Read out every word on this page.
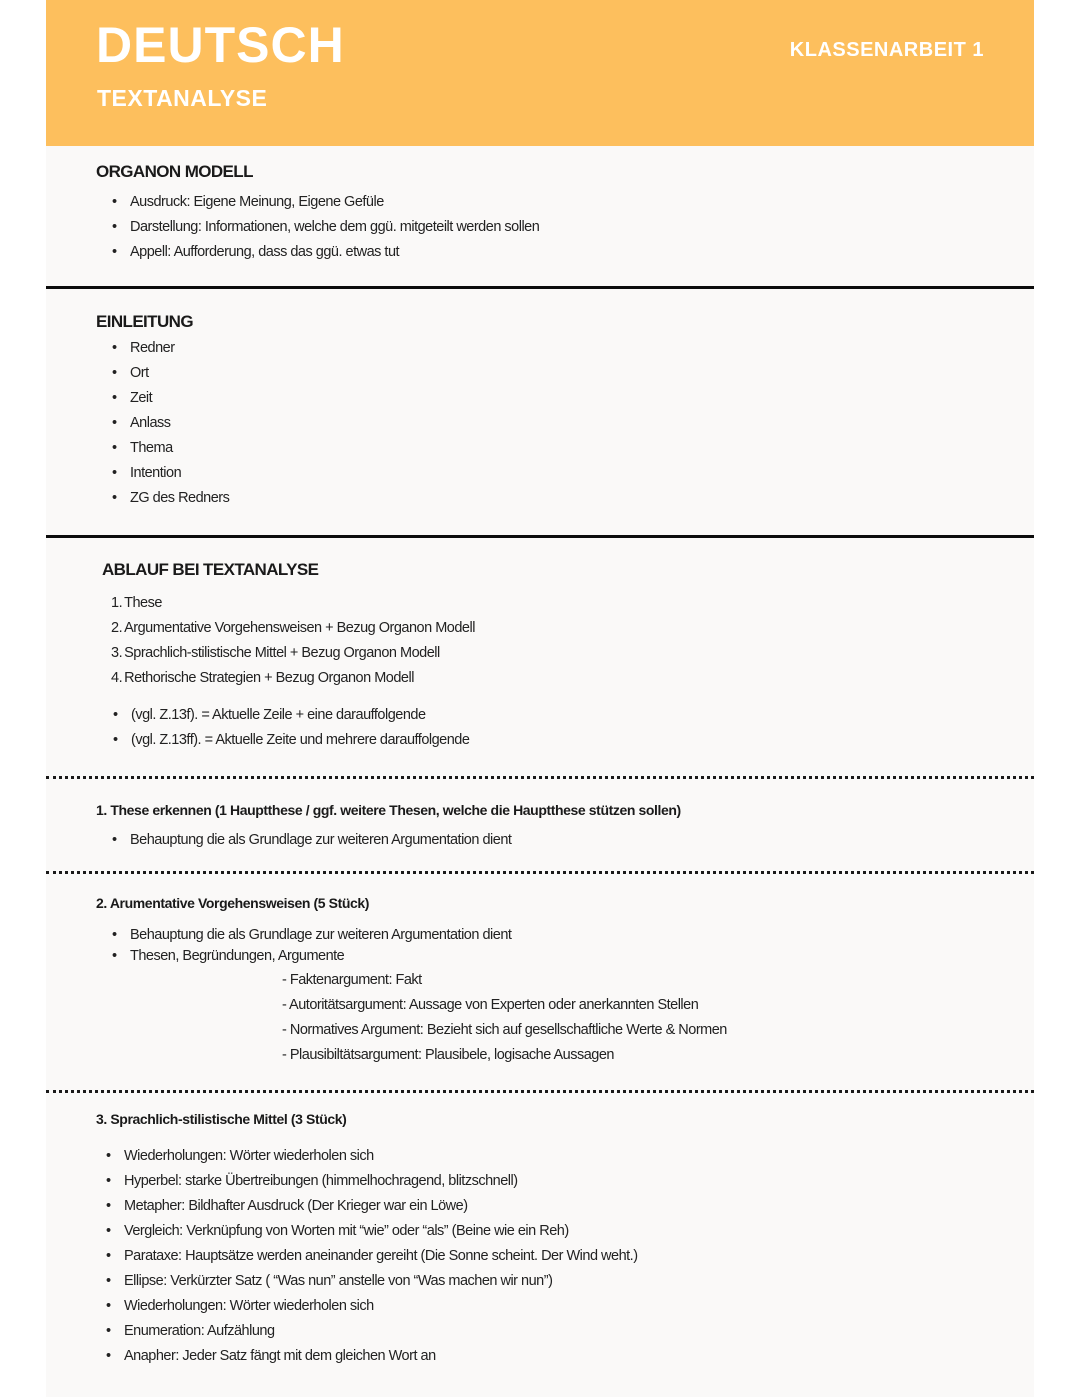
DEUTSCH
TEXTANALYSE
KLASSENARBEIT 1
ORGANON MODELL
• Ausdruck: Eigene Meinung, Eigene Gefüle
• Darstellung: Informationen, welche dem ggü. mitgeteilt werden sollen
• Appell: Aufforderung, dass das ggü. etwas tut
EINLEITUNG
• Redner
• Ort
• Zeit
• Anlass
• Thema
• Intention
• ZG des Redners
ABLAUF BEI TEXTANALYSE
1. These
2. Argumentative Vorgehensweisen + Bezug Organon Modell
3. Sprachlich-stilistische Mittel + Bezug Organon Modell
4. Rethorische Strategien + Bezug Organon Modell
• (vgl. Z.13f). = Aktuelle Zeile + eine darauffolgende
• (vgl. Z.13ff). = Aktuelle Zeite und mehrere darauffolgende
1. These erkennen (1 Hauptthese / ggf. weitere Thesen, welche die Hauptthese stützen sollen)
• Behauptung die als Grundlage zur weiteren Argumentation dient
2. Arumentative Vorgehensweisen (5 Stück)
• Behauptung die als Grundlage zur weiteren Argumentation dient
• Thesen, Begründungen, Argumente
- Faktenargument: Fakt
- Autoritätsargument: Aussage von Experten oder anerkannten Stellen
- Normatives Argument: Bezieht sich auf gesellschaftliche Werte & Normen
- Plausibiltätsargument: Plausibele, logisache Aussagen
3. Sprachlich-stilistische Mittel (3 Stück)
• Wiederholungen: Wörter wiederholen sich
• Hyperbel: starke Übertreibungen (himmelhochragend, blitzschnell)
• Metapher: Bildhafter Ausdruck (Der Krieger war ein Löwe)
• Vergleich: Verknüpfung von Worten mit “wie” oder “als” (Beine wie ein Reh)
• Parataxe: Hauptsätze werden aneinander gereiht (Die Sonne scheint. Der Wind weht.)
• Ellipse: Verkürzter Satz ( “Was nun” anstelle von “Was machen wir nun”)
• Wiederholungen: Wörter wiederholen sich
• Enumeration: Aufzählung
• Anapher: Jeder Satz fängt mit dem gleichen Wort an
